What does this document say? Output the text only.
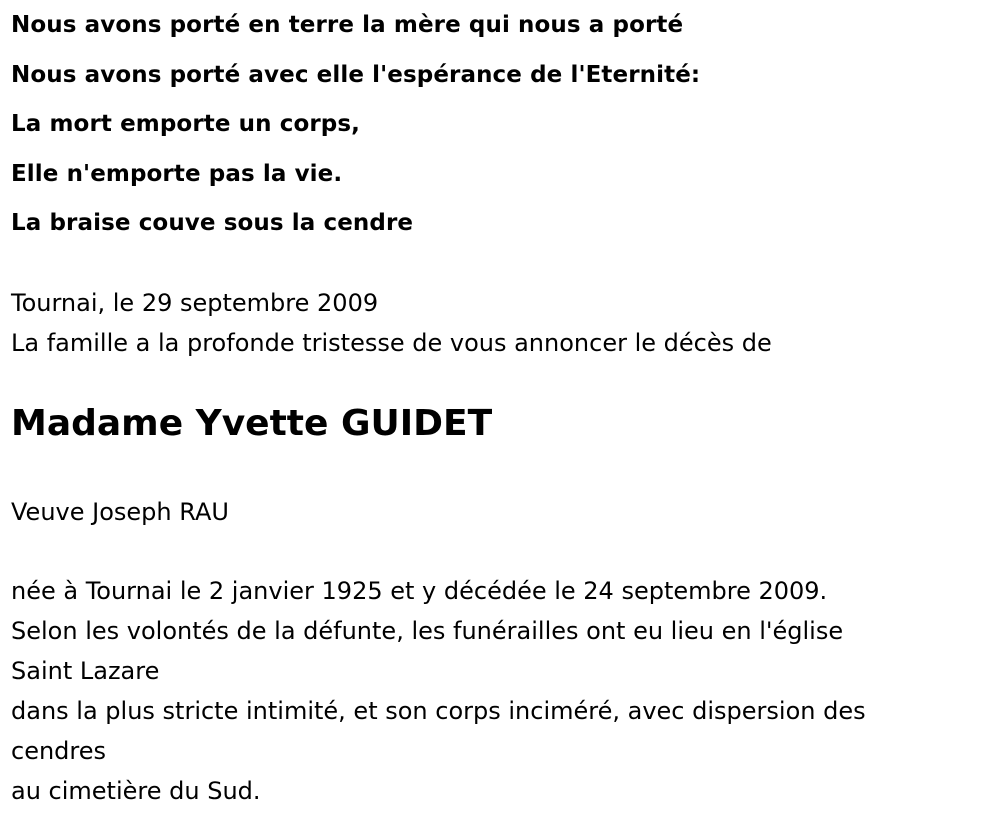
Nous avons porté en terre la mère qui nous a porté

Nous avons porté avec elle l'espérance de l'Eternité:

La mort emporte un corps,

Elle n'emporte pas la vie.

La braise couve sous la cendre

Tournai, le 29 septembre 2009

La famille a la profonde tristesse de vous annoncer le décès de

Madame Yvette GUIDET

Veuve Joseph RAU

née à Tournai le 2 janvier 1925 et y décédée le 24 septembre 2009.

Selon les volontés de la défunte, les funérailles ont eu lieu en l'église

Saint Lazare

dans la plus stricte intimité, et son corps inciméré, avec dispersion des

cendres

au cimetière du Sud.
